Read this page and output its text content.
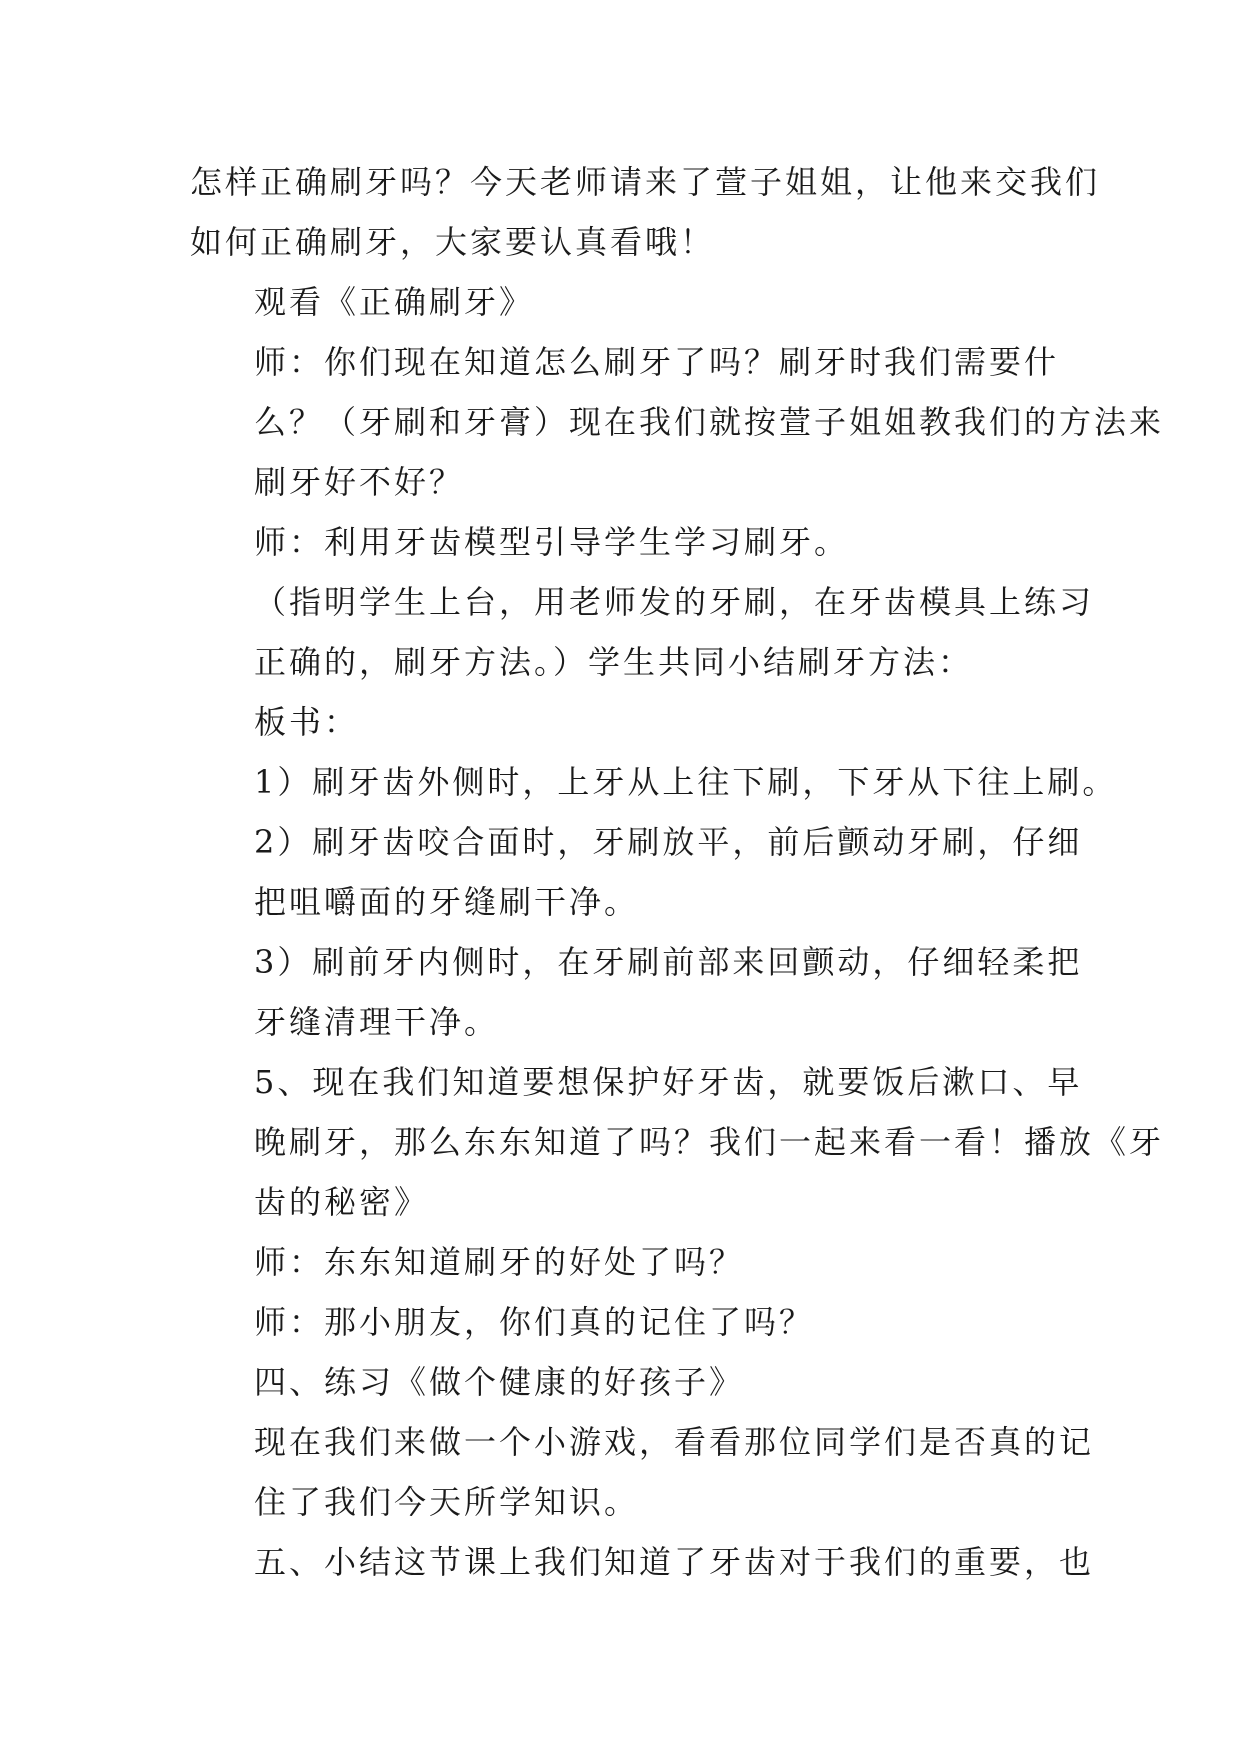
怎样正确刷牙吗？今天老师请来了萱子姐姐，让他来交我们
如何正确刷牙，大家要认真看哦！

观看《正确刷牙》

师：你们现在知道怎么刷牙了吗？刷牙时我们需要什
么？（牙刷和牙膏）现在我们就按萱子姐姐教我们的方法来
刷牙好不好？

师：利用牙齿模型引导学生学习刷牙。

（指明学生上台，用老师发的牙刷，在牙齿模具上练习
正确的，刷牙方法。）学生共同小结刷牙方法：

板书：

1）刷牙齿外侧时，上牙从上往下刷，下牙从下往上刷。

2）刷牙齿咬合面时，牙刷放平，前后颤动牙刷，仔细
把咀嚼面的牙缝刷干净。

3）刷前牙内侧时，在牙刷前部来回颤动，仔细轻柔把
牙缝清理干净。

5、现在我们知道要想保护好牙齿，就要饭后漱口、早
晚刷牙，那么东东知道了吗？我们一起来看一看！播放《牙
齿的秘密》

师：东东知道刷牙的好处了吗？

师：那小朋友，你们真的记住了吗？

四、练习《做个健康的好孩子》

现在我们来做一个小游戏，看看那位同学们是否真的记
住了我们今天所学知识。

五、小结这节课上我们知道了牙齿对于我们的重要，也
